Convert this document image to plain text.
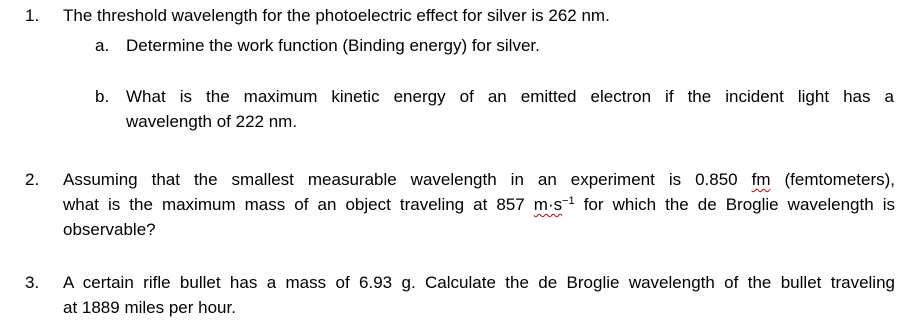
1. The threshold wavelength for the photoelectric effect for silver is 262 nm.
a. Determine the work function (Binding energy) for silver.
b. What is the maximum kinetic energy of an emitted electron if the incident light has a
wavelength of 222 nm.
2. Assuming that the smallest measurable wavelength in an experiment is 0.850 fm (femtometers),
what is the maximum mass of an object traveling at 857 $m\cdot s^{-1}$ for which the de Broglie wavelength is
observable?
3. A certain rifle bullet has a mass of 6.93 g. Calculate the de Broglie wavelength of the bullet traveling
at 1889 miles per hour.
